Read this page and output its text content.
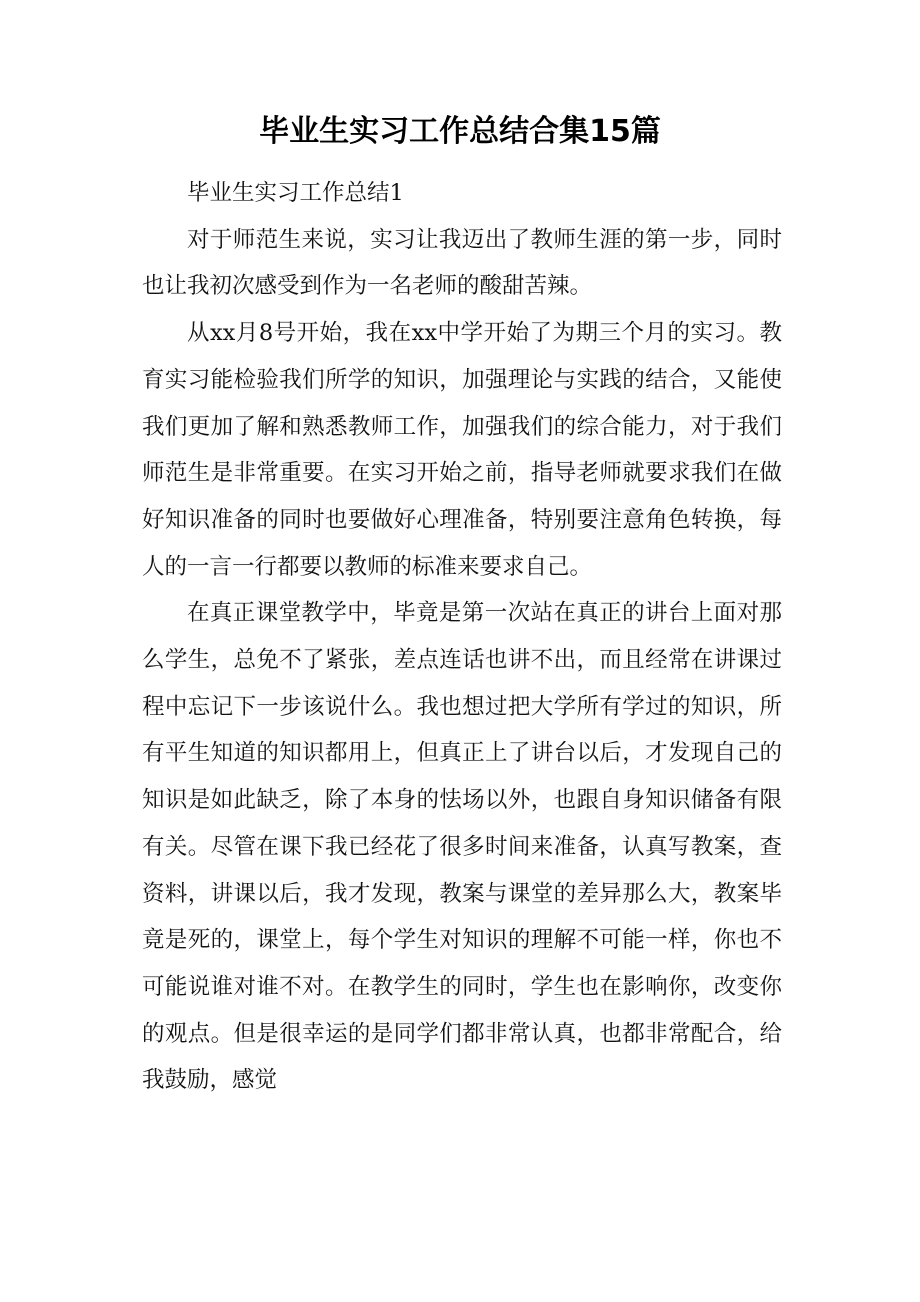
毕业生实习工作总结合集15篇

毕业生实习工作总结1

对于师范生来说，实习让我迈出了教师生涯的第一步，同时也让我初次感受到作为一名老师的酸甜苦辣。

从xx月8号开始，我在xx中学开始了为期三个月的实习。教育实习能检验我们所学的知识，加强理论与实践的结合，又能使我们更加了解和熟悉教师工作，加强我们的综合能力，对于我们师范生是非常重要。在实习开始之前，指导老师就要求我们在做好知识准备的同时也要做好心理准备，特别要注意角色转换，每人的一言一行都要以教师的标准来要求自己。

在真正课堂教学中，毕竟是第一次站在真正的讲台上面对那么学生，总免不了紧张，差点连话也讲不出，而且经常在讲课过程中忘记下一步该说什么。我也想过把大学所有学过的知识，所有平生知道的知识都用上，但真正上了讲台以后，才发现自己的知识是如此缺乏，除了本身的怯场以外，也跟自身知识储备有限有关。尽管在课下我已经花了很多时间来准备，认真写教案，查资料，讲课以后，我才发现，教案与课堂的差异那么大，教案毕竟是死的，课堂上，每个学生对知识的理解不可能一样，你也不可能说谁对谁不对。在教学生的同时，学生也在影响你，改变你的观点。但是很幸运的是同学们都非常认真，也都非常配合，给我鼓励，感觉
